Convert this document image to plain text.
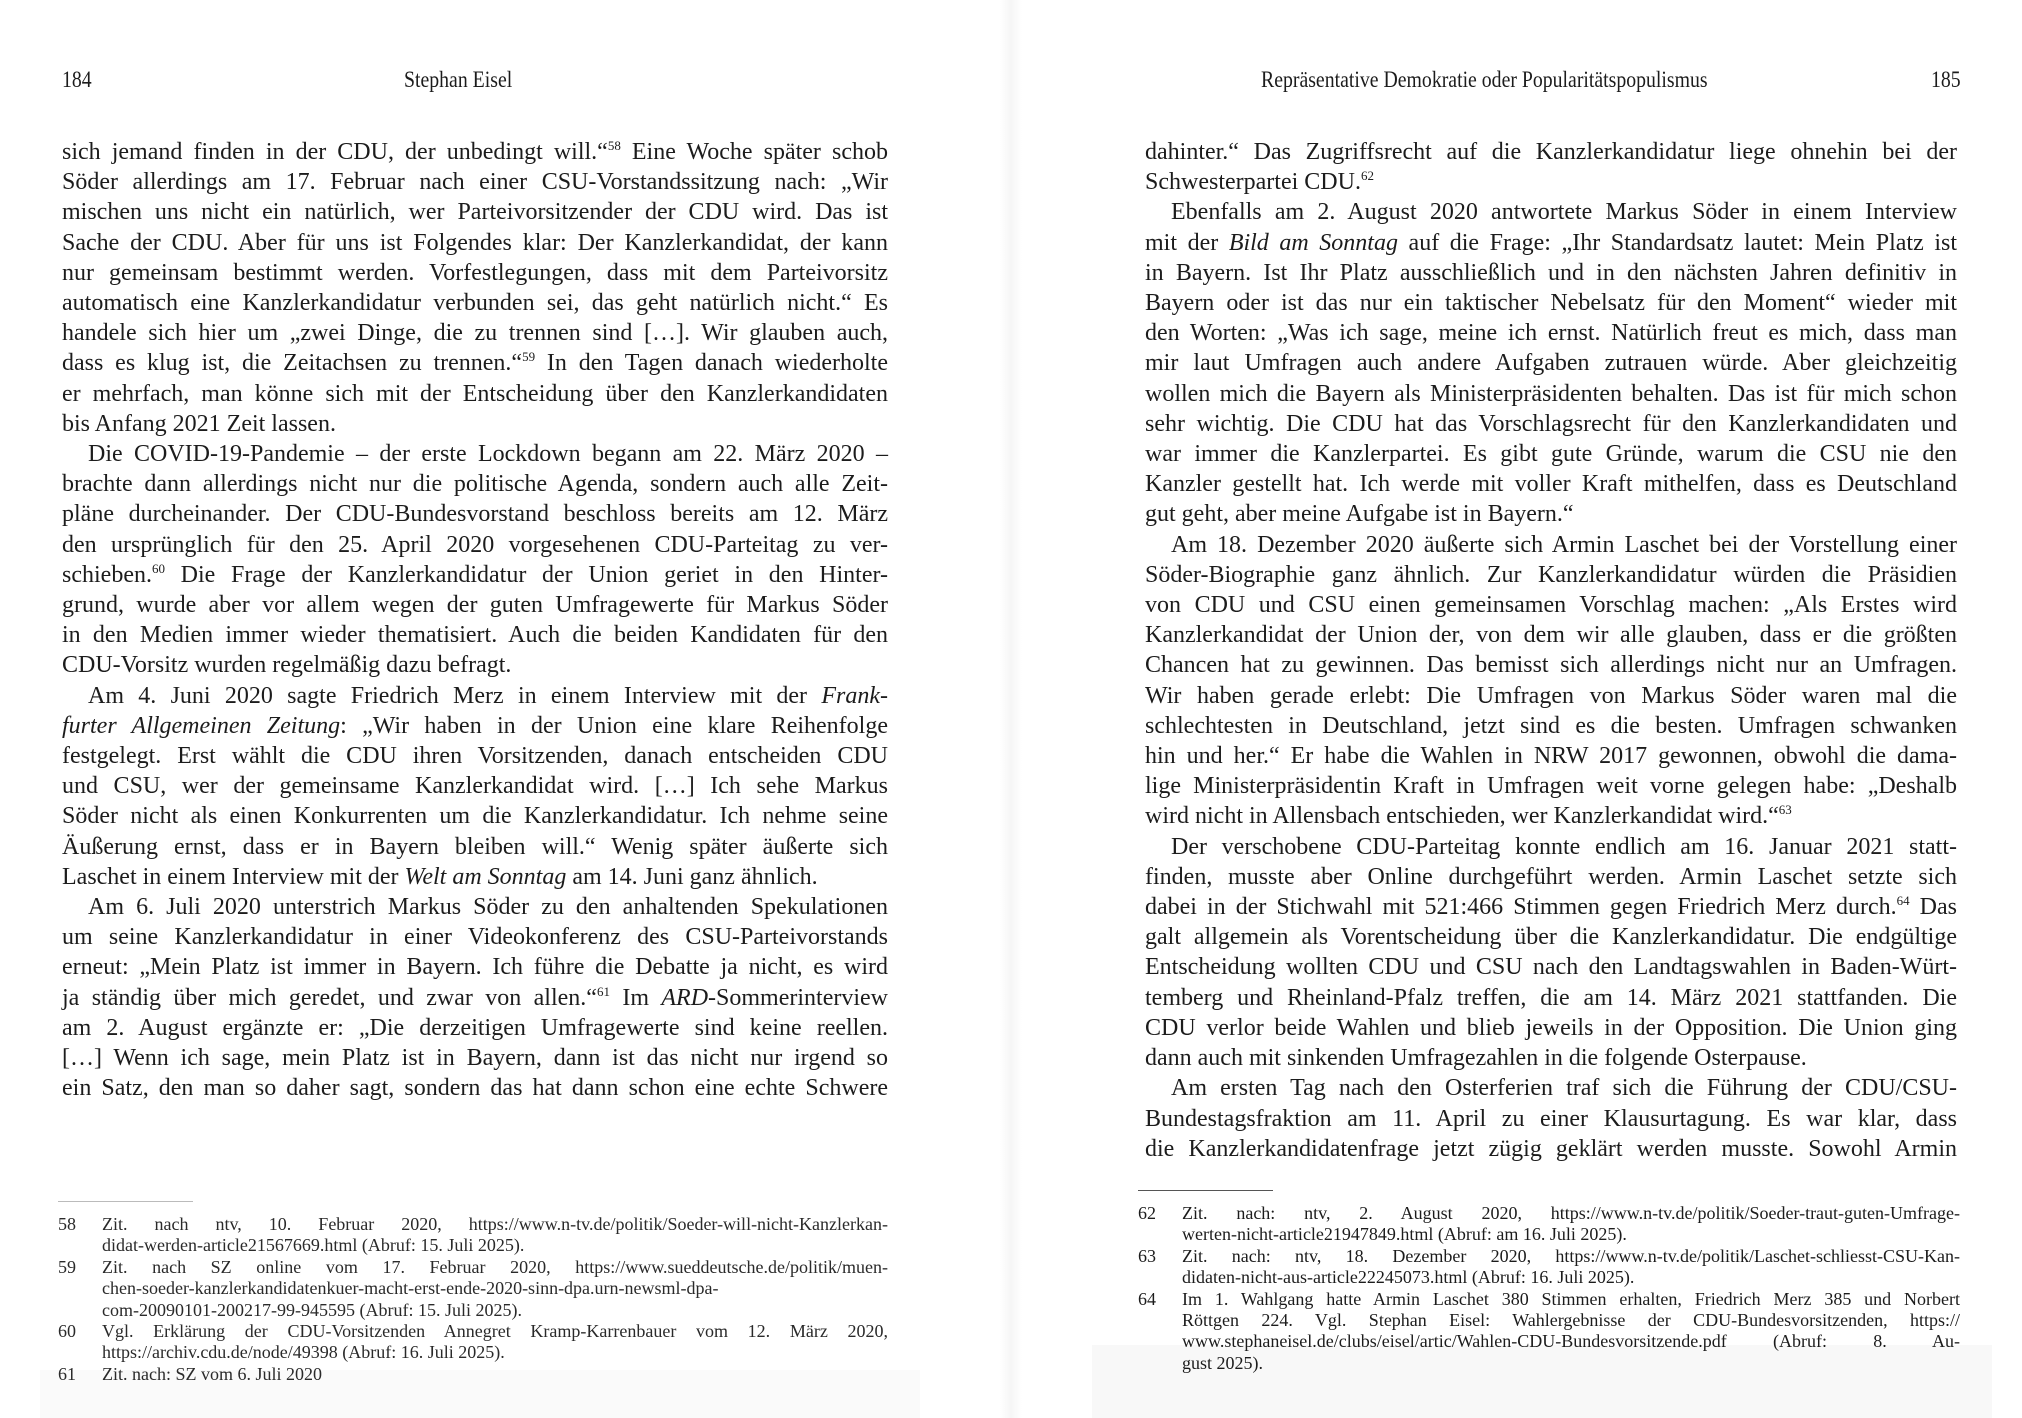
184	Stephan Eisel

sich jemand finden in der CDU, der unbedingt will.“$^{58}$ Eine Woche später schob
Söder allerdings am 17. Februar nach einer CSU-Vorstandssitzung nach: „Wir
mischen uns nicht ein natürlich, wer Parteivorsitzender der CDU wird. Das ist
Sache der CDU. Aber für uns ist Folgendes klar: Der Kanzlerkandidat, der kann
nur gemeinsam bestimmt werden. Vorfestlegungen, dass mit dem Parteivorsitz
automatisch eine Kanzlerkandidatur verbunden sei, das geht natürlich nicht.“ Es
handele sich hier um „zwei Dinge, die zu trennen sind […]. Wir glauben auch,
dass es klug ist, die Zeitachsen zu trennen.“$^{59}$ In den Tagen danach wiederholte
er mehrfach, man könne sich mit der Entscheidung über den Kanzlerkandidaten
bis Anfang 2021 Zeit lassen.

Die COVID-19-Pandemie – der erste Lockdown begann am 22. März 2020 –
brachte dann allerdings nicht nur die politische Agenda, sondern auch alle Zeit-
pläne durcheinander. Der CDU-Bundesvorstand beschloss bereits am 12. März
den ursprünglich für den 25. April 2020 vorgesehenen CDU-Parteitag zu ver-
schieben.$^{60}$ Die Frage der Kanzlerkandidatur der Union geriet in den Hinter-
grund, wurde aber vor allem wegen der guten Umfragewerte für Markus Söder
in den Medien immer wieder thematisiert. Auch die beiden Kandidaten für den
CDU-Vorsitz wurden regelmäßig dazu befragt.

Am 4. Juni 2020 sagte Friedrich Merz in einem Interview mit der Frank-
furter Allgemeinen Zeitung: „Wir haben in der Union eine klare Reihenfolge
festgelegt. Erst wählt die CDU ihren Vorsitzenden, danach entscheiden CDU
und CSU, wer der gemeinsame Kanzlerkandidat wird. […] Ich sehe Markus
Söder nicht als einen Konkurrenten um die Kanzlerkandidatur. Ich nehme seine
Äußerung ernst, dass er in Bayern bleiben will.“ Wenig später äußerte sich
Laschet in einem Interview mit der Welt am Sonntag am 14. Juni ganz ähnlich.

Am 6. Juli 2020 unterstrich Markus Söder zu den anhaltenden Spekulationen
um seine Kanzlerkandidatur in einer Videokonferenz des CSU-Parteivorstands
erneut: „Mein Platz ist immer in Bayern. Ich führe die Debatte ja nicht, es wird
ja ständig über mich geredet, und zwar von allen.“$^{61}$ Im ARD-Sommerinterview
am 2. August ergänzte er: „Die derzeitigen Umfragewerte sind keine reellen.
[…] Wenn ich sage, mein Platz ist in Bayern, dann ist das nicht nur irgend so
ein Satz, den man so daher sagt, sondern das hat dann schon eine echte Schwere

58	Zit. nach ntv, 10. Februar 2020, https://www.n-tv.de/politik/Soeder-will-nicht-Kanzlerkan-
didat-werden-article21567669.html (Abruf: 15. Juli 2025).
59	Zit. nach SZ online vom 17. Februar 2020, https://www.sueddeutsche.de/politik/muen-
chen-soeder-kanzlerkandidatenkuer-macht-erst-ende-2020-sinn-dpa.urn-newsml-dpa-
com-20090101-200217-99-945595 (Abruf: 15. Juli 2025).
60	Vgl. Erklärung der CDU-Vorsitzenden Annegret Kramp-Karrenbauer vom 12. März 2020,
https://archiv.cdu.de/node/49398 (Abruf: 16. Juli 2025).
61	Zit. nach: SZ vom 6. Juli 2020
Repräsentative Demokratie oder Popularitätspopulismus	185

dahinter.“ Das Zugriffsrecht auf die Kanzlerkandidatur liege ohnehin bei der
Schwesterpartei CDU.$^{62}$

Ebenfalls am 2. August 2020 antwortete Markus Söder in einem Interview
mit der Bild am Sonntag auf die Frage: „Ihr Standardsatz lautet: Mein Platz ist
in Bayern. Ist Ihr Platz ausschließlich und in den nächsten Jahren definitiv in
Bayern oder ist das nur ein taktischer Nebelsatz für den Moment“ wieder mit
den Worten: „Was ich sage, meine ich ernst. Natürlich freut es mich, dass man
mir laut Umfragen auch andere Aufgaben zutrauen würde. Aber gleichzeitig
wollen mich die Bayern als Ministerpräsidenten behalten. Das ist für mich schon
sehr wichtig. Die CDU hat das Vorschlagsrecht für den Kanzlerkandidaten und
war immer die Kanzlerpartei. Es gibt gute Gründe, warum die CSU nie den
Kanzler gestellt hat. Ich werde mit voller Kraft mithelfen, dass es Deutschland
gut geht, aber meine Aufgabe ist in Bayern.“

Am 18. Dezember 2020 äußerte sich Armin Laschet bei der Vorstellung einer
Söder-Biographie ganz ähnlich. Zur Kanzlerkandidatur würden die Präsidien
von CDU und CSU einen gemeinsamen Vorschlag machen: „Als Erstes wird
Kanzlerkandidat der Union der, von dem wir alle glauben, dass er die größten
Chancen hat zu gewinnen. Das bemisst sich allerdings nicht nur an Umfragen.
Wir haben gerade erlebt: Die Umfragen von Markus Söder waren mal die
schlechtesten in Deutschland, jetzt sind es die besten. Umfragen schwanken
hin und her.“ Er habe die Wahlen in NRW 2017 gewonnen, obwohl die dama-
lige Ministerpräsidentin Kraft in Umfragen weit vorne gelegen habe: „Deshalb
wird nicht in Allensbach entschieden, wer Kanzlerkandidat wird.“$^{63}$

Der verschobene CDU-Parteitag konnte endlich am 16. Januar 2021 statt-
finden, musste aber Online durchgeführt werden. Armin Laschet setzte sich
dabei in der Stichwahl mit 521:466 Stimmen gegen Friedrich Merz durch.$^{64}$ Das
galt allgemein als Vorentscheidung über die Kanzlerkandidatur. Die endgültige
Entscheidung wollten CDU und CSU nach den Landtagswahlen in Baden-Würt-
temberg und Rheinland-Pfalz treffen, die am 14. März 2021 stattfanden. Die
CDU verlor beide Wahlen und blieb jeweils in der Opposition. Die Union ging
dann auch mit sinkenden Umfragezahlen in die folgende Osterpause.

Am ersten Tag nach den Osterferien traf sich die Führung der CDU/CSU-
Bundestagsfraktion am 11. April zu einer Klausurtagung. Es war klar, dass
die Kanzlerkandidatenfrage jetzt zügig geklärt werden musste. Sowohl Armin

62	Zit. nach: ntv, 2. August 2020, https://www.n-tv.de/politik/Soeder-traut-guten-Umfrage-
werten-nicht-article21947849.html (Abruf: am 16. Juli 2025).
63	Zit. nach: ntv, 18. Dezember 2020, https://www.n-tv.de/politik/Laschet-schliesst-CSU-Kan-
didaten-nicht-aus-article22245073.html (Abruf: 16. Juli 2025).
64	Im 1. Wahlgang hatte Armin Laschet 380 Stimmen erhalten, Friedrich Merz 385 und Norbert
Röttgen 224. Vgl. Stephan Eisel: Wahlergebnisse der CDU-Bundesvorsitzenden, https://
www.stephaneisel.de/clubs/eisel/artic/Wahlen-CDU-Bundesvorsitzende.pdf (Abruf: 8. Au-
gust 2025).
